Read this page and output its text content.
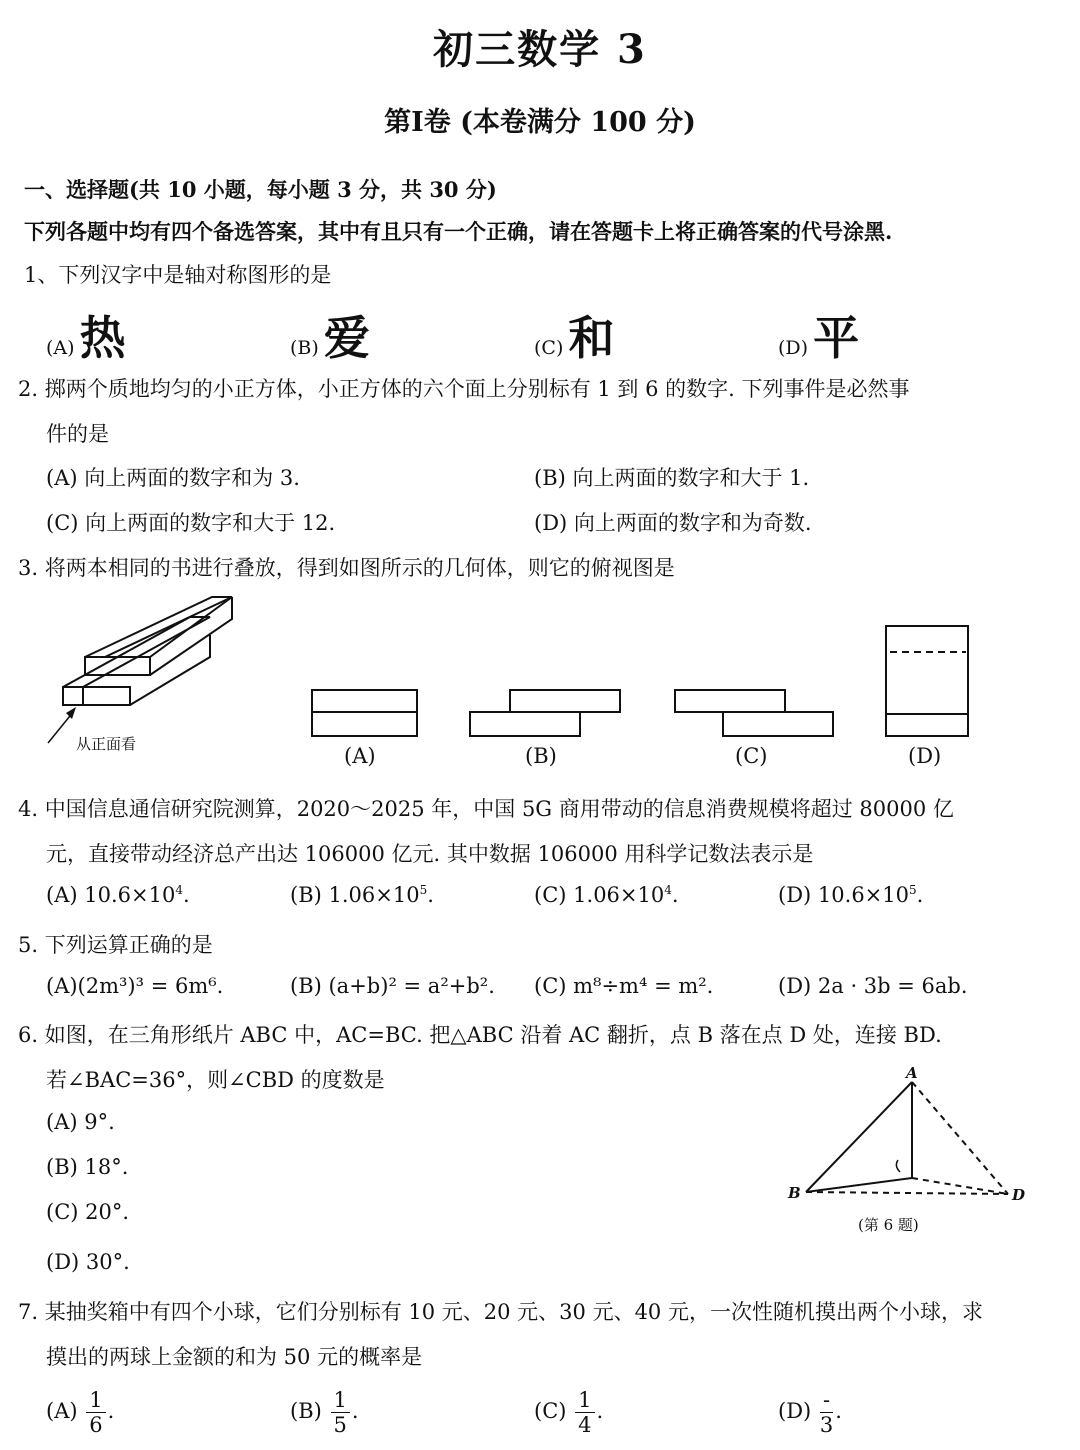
初三数学 3
第Ⅰ卷 (本卷满分 100 分)
一、选择题(共 10 小题，每小题 3 分，共 30 分)
下列各题中均有四个备选答案，其中有且只有一个正确，请在答题卡上将正确答案的代号涂黑.
1、下列汉字中是轴对称图形的是
(A) 热	(B) 爱	(C) 和	(D) 平
2. 掷两个质地均匀的小正方体，小正方体的六个面上分别标有 1 到 6 的数字. 下列事件是必然事
件的是
(A) 向上两面的数字和为 3.	(B) 向上两面的数字和大于 1.
(C) 向上两面的数字和大于 12.	(D) 向上两面的数字和为奇数.
3. 将两本相同的书进行叠放，得到如图所示的几何体，则它的俯视图是
从正面看	(A)	(B)	(C)	(D)
4. 中国信息通信研究院测算，2020～2025 年，中国 5G 商用带动的信息消费规模将超过 80000 亿
元，直接带动经济总产出达 106000 亿元. 其中数据 106000 用科学记数法表示是
(A) $10.6\times 10^4$.	(B) $1.06\times 10^5$.	(C) $1.06\times 10^4$.	(D) $10.6\times 10^5$.
5. 下列运算正确的是
(A)(2m³)³ = 6m⁶.	(B) (a+b)² = a²+b². (C) m⁸÷m⁴ = m².	(D) 2a · 3b = 6ab.
6. 如图，在三角形纸片 ABC 中，AC=BC. 把△ABC 沿着 AC 翻折，点 B 落在点 D 处，连接 BD.
若∠BAC=36°，则∠CBD 的度数是
(A) 9°.
(B) 18°.
(C) 20°.
(D) 30°.
A
B	D
(第 6 题)
7. 某抽奖箱中有四个小球，它们分别标有 10 元、20 元、30 元、40 元，一次性随机摸出两个小球，求
摸出的两球上金额的和为 50 元的概率是
$(A) \frac{1}{6}$ .	$(B) \frac{1}{5}$ .	$(C) \frac{1}{4}$ .	$(D) \frac{-}{3}$ .
